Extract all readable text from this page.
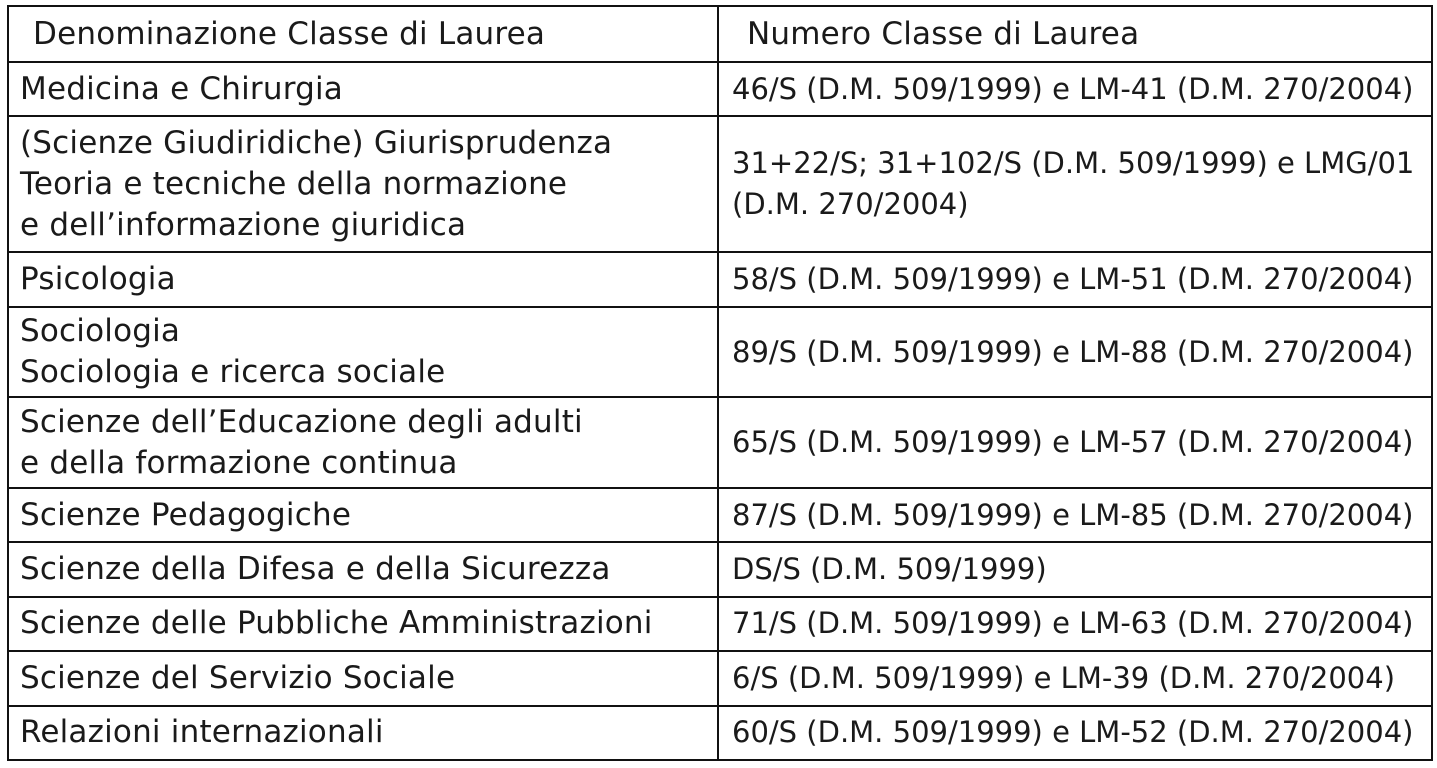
Denominazione Classe di Laurea	Numero Classe di Laurea

Medicina e Chirurgia	46/S (D.M. 509/1999) e LM-41 (D.M. 270/2004)

(Scienze Giudiridiche) Giurisprudenza
Teoria e tecniche della normazione
e dell’informazione giuridica	31+22/S; 31+102/S (D.M. 509/1999) e LMG/01
(D.M. 270/2004)

Psicologia	58/S (D.M. 509/1999) e LM-51 (D.M. 270/2004)

Sociologia
Sociologia e ricerca sociale	89/S (D.M. 509/1999) e LM-88 (D.M. 270/2004)

Scienze dell’Educazione degli adulti
e della formazione continua	65/S (D.M. 509/1999) e LM-57 (D.M. 270/2004)

Scienze Pedagogiche	87/S (D.M. 509/1999) e LM-85 (D.M. 270/2004)

Scienze della Difesa e della Sicurezza	DS/S (D.M. 509/1999)

Scienze delle Pubbliche Amministrazioni	71/S (D.M. 509/1999) e LM-63 (D.M. 270/2004)

Scienze del Servizio Sociale	6/S (D.M. 509/1999) e LM-39 (D.M. 270/2004)

Relazioni internazionali	60/S (D.M. 509/1999) e LM-52 (D.M. 270/2004)
